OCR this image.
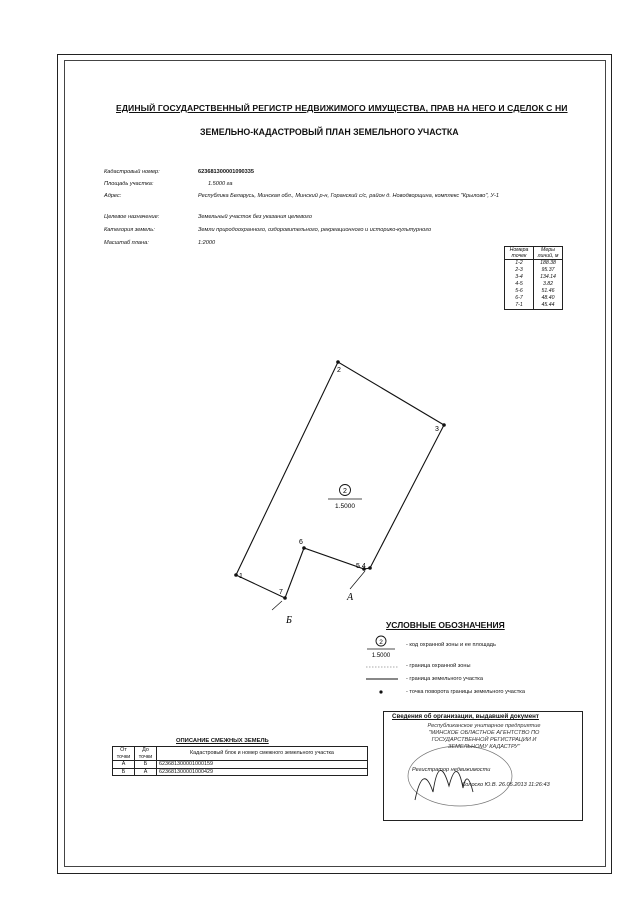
ЕДИНЫЙ ГОСУДАРСТВЕННЫЙ РЕГИСТР НЕДВИЖИМОГО ИМУЩЕСТВА, ПРАВ НА НЕГО И СДЕЛОК С НИ
ЗЕМЕЛЬНО-КАДАСТРОВЫЙ ПЛАН ЗЕМЕЛЬНОГО УЧАСТКА
Кадастровый номер:	623681300001090335
Площадь участка:	1.5000 га
Адрес:	Республика Беларусь, Минская обл., Минский р-н, Горанский с/с, район д. Новодворщина, комплекс "Крылово", У-1
Целевое назначение:	Земельный участок без указания целевого
Категория земель:	Земли природоохранного, оздоровительного, рекреационного и историко-культурного
Масштаб плана:	1:2000
Номера точек	Меры линий, м
1-2	188.38
2-3	95.37
3-4	134.14
4-5	3.82
5-6	51.46
6-7	48.40
7-1	45.44
1
2
3
5 4
6
7
2
1.5000
А
Б
2
1.5000
УСЛОВНЫЕ ОБОЗНАЧЕНИЯ
- код охранной зоны и ее площадь
- граница охранной зоны
- граница земельного участка
- точка поворота границы земельного участка
ОПИСАНИЕ СМЕЖНЫХ ЗЕМЕЛЬ
От точки	До точки	Кадастровый блок и номер смежного земельного участка
А	Б	623681300001000159
Б	А	623681300001000429
Сведения об организации, выдавшей документ
Республиканское унитарное предприятие
"МИНСКОЕ ОБЛАСТНОЕ АГЕНТСТВО ПО
ГОСУДАРСТВЕННОЙ РЕГИСТРАЦИИ И
ЗЕМЕЛЬНОМУ КАДАСТРУ"
Регистратор недвижимости
Колоско Ю.В. 26.05.2013 11:26:43
